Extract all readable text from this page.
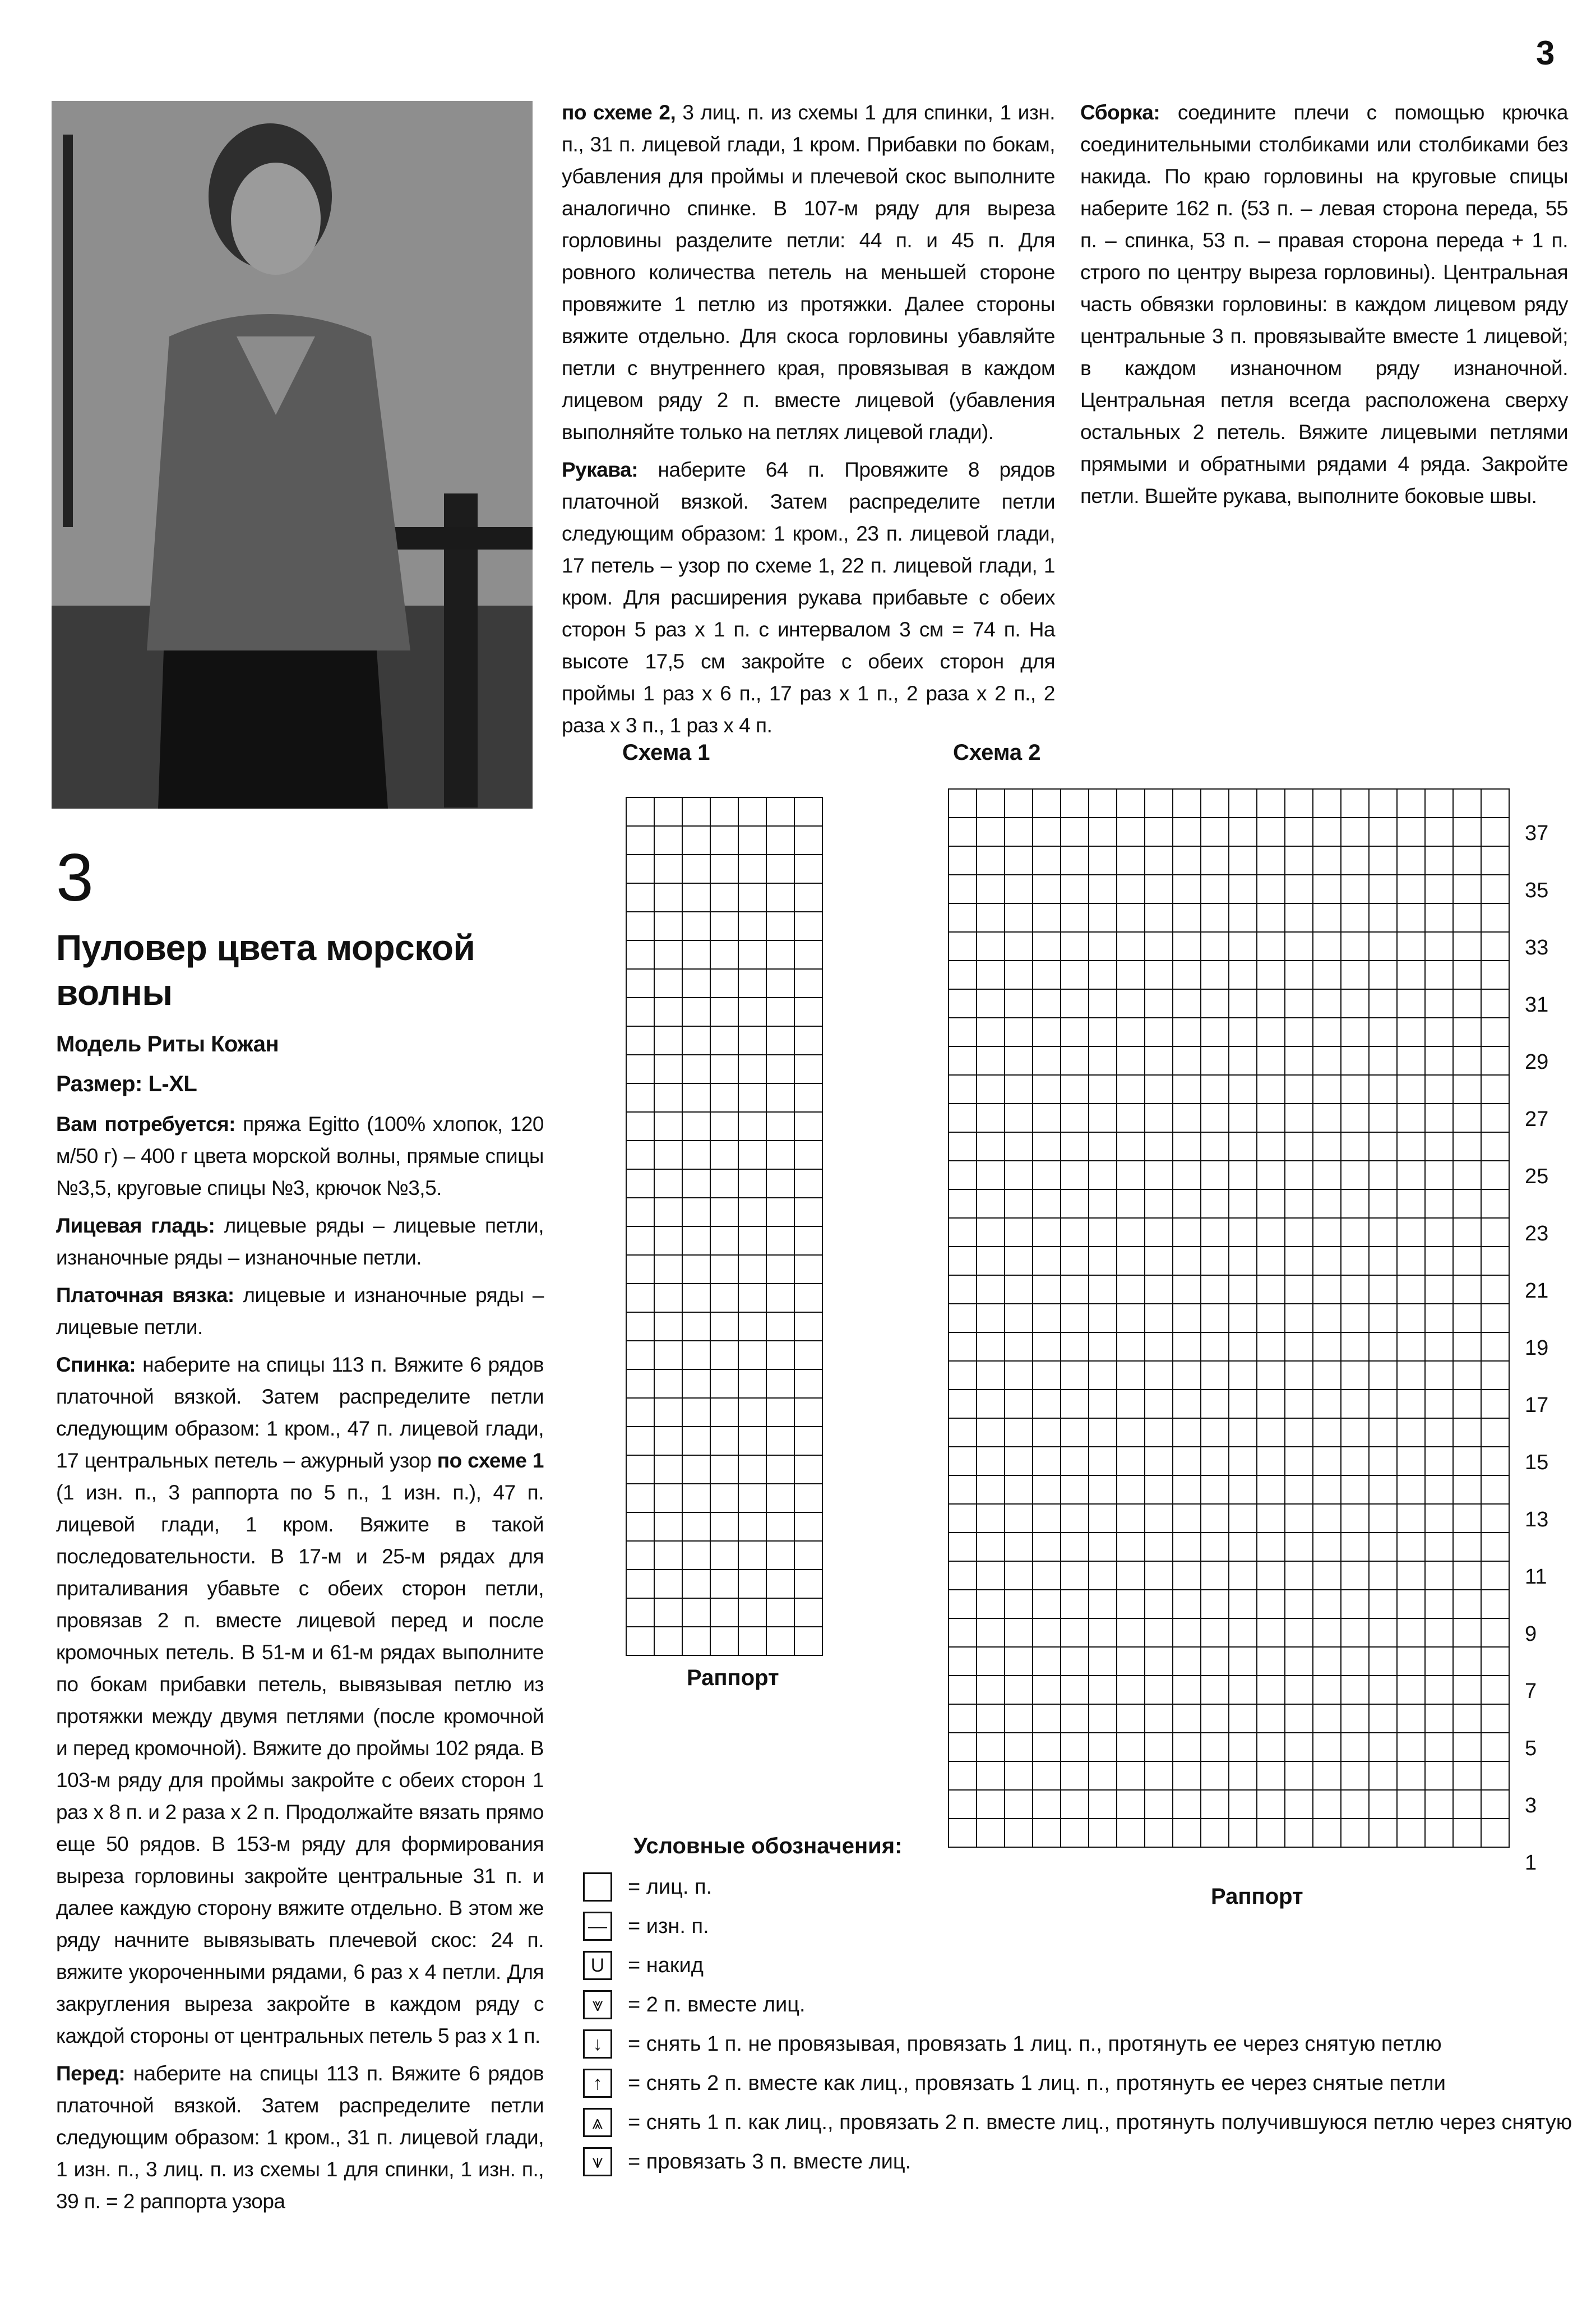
3
3
Пуловер цвета морской волны
Модель Риты Кожан
Размер: L-XL

Вам потребуется: пряжа Egitto (100% хлопок, 120 м/50 г) – 400 г цвета морской волны, прямые спицы №3,5, круговые спицы №3, крючок №3,5.

Лицевая гладь: лицевые ряды – лицевые петли, изнаночные ряды – изнаночные петли.

Платочная вязка: лицевые и изнаночные ряды – лицевые петли.

Спинка: наберите на спицы 113 п. Вяжите 6 рядов платочной вязкой. Затем распределите петли следующим образом: 1 кром., 47 п. лицевой глади, 17 центральных петель – ажурный узор по схеме 1 (1 изн. п., 3 раппорта по 5 п., 1 изн. п.), 47 п. лицевой глади, 1 кром. Вяжите в такой последовательности. В 17-м и 25-м рядах для приталивания убавьте с обеих сторон петли, провязав 2 п. вместе лицевой перед и после кромочных петель. В 51-м и 61-м рядах выполните по бокам прибавки петель, вывязывая петлю из протяжки между двумя петлями (после кромочной и перед кромочной). Вяжите до проймы 102 ряда. В 103-м ряду для проймы закройте с обеих сторон 1 раз х 8 п. и 2 раза х 2 п. Продолжайте вязать прямо еще 50 рядов. В 153-м ряду для формирования выреза горловины закройте центральные 31 п. и далее каждую сторону вяжите отдельно. В этом же ряду начните вывязывать плечевой скос: 24 п. вяжите укороченными рядами, 6 раз х 4 петли. Для закругления выреза закройте в каждом ряду с каждой стороны от центральных петель 5 раз х 1 п.

Перед: наберите на спицы 113 п. Вяжите 6 рядов платочной вязкой. Затем распределите петли следующим образом: 1 кром., 31 п. лицевой глади, 1 изн. п., 3 лиц. п. из схемы 1 для спинки, 1 изн. п., 39 п. = 2 раппорта узора

по схеме 2, 3 лиц. п. из схемы 1 для спинки, 1 изн. п., 31 п. лицевой глади, 1 кром. Прибавки по бокам, убавления для проймы и плечевой скос выполните аналогично спинке. В 107-м ряду для выреза горловины разделите петли: 44 п. и 45 п. Для ровного количества петель на меньшей стороне провяжите 1 петлю из протяжки. Далее стороны вяжите отдельно. Для скоса горловины убавляйте петли с внутреннего края, провязывая в каждом лицевом ряду 2 п. вместе лицевой (убавления выполняйте только на петлях лицевой глади).

Рукава: наберите 64 п. Провяжите 8 рядов платочной вязкой. Затем распределите петли следующим образом: 1 кром., 23 п. лицевой глади, 17 петель – узор по схеме 1, 22 п. лицевой глади, 1 кром. Для расширения рукава прибавьте с обеих сторон 5 раз х 1 п. с интервалом 3 см = 74 п. На высоте 17,5 см закройте с обеих сторон для проймы 1 раз х 6 п., 17 раз х 1 п., 2 раза х 2 п., 2 раза х 3 п., 1 раз х 4 п.

Сборка: соедините плечи с помощью крючка соединительными столбиками или столбиками без накида. По краю горловины на круговые спицы наберите 162 п. (53 п. – левая сторона переда, 55 п. – спинка, 53 п. – правая сторона переда + 1 п. строго по центру выреза горловины). Центральная часть обвязки горловины: в каждом лицевом ряду центральные 3 п. провязывайте вместе 1 лицевой; в каждом изнаночном ряду изнаночной. Центральная петля всегда расположена сверху остальных 2 петель. Вяжите лицевыми петлями прямыми и обратными рядами 4 ряда. Закройте петли. Вшейте рукава, выполните боковые швы.

Схема 1
Раппорт
Схема 2
37
35
33
31
29
27
25
23
21
19
17
15
13
11
9
7
5
3
1
Раппорт
Условные обозначения:
= лиц. п.
— = изн. п.
U	= накид
⩔	= 2 п. вместе лиц.
↓	= снять 1 п. не провязывая, провязать 1 лиц. п., протянуть ее через снятую петлю
↑	= снять 2 п. вместе как лиц., провязать 1 лиц. п., протянуть ее через снятые петли
⩓	= снять 1 п. как лиц., провязать 2 п. вместе лиц., протянуть получившуюся петлю через снятую
⩛	= провязать 3 п. вместе лиц.
